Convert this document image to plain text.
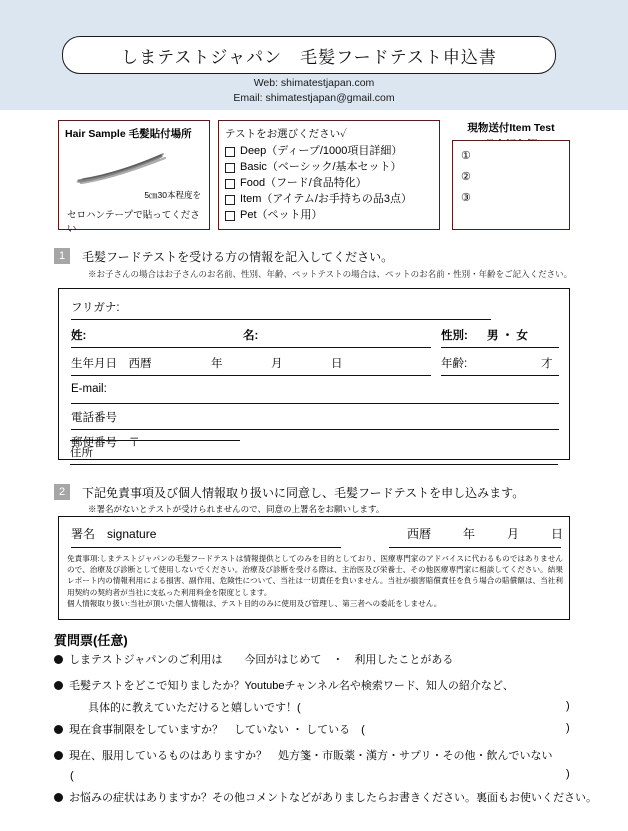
しまテストジャパン　毛髪フードテスト申込書
Web: shimatestjapan.com
Email: shimatestjapan@gmail.com
Hair Sample 毛髪貼付場所
5㎝30本程度を
セロハンテープで貼ってください
テストをお選びください✓
Deep（ディープ/1000項目詳細）
Basic（ベーシック/基本セット）
Food（フード/食品特化）
Item（アイテム/お手持ちの品3点）
Pet（ペット用）
現物送付Item Test
①
②
③
1	毛髪フードテストを受ける方の情報を記入してください。
※お子さんの場合はお子さんのお名前、性別、年齢、ペットテストの場合は、ペットのお名前・性別・年齢をご記入ください。
フリガナ:
姓:	名:	性別: 男 ・ 女
生年月日　西暦	年	月	日	年齢:	才
E-mail:
電話番号
郵便番号　〒
住所
2	下記免責事項及び個人情報取り扱いに同意し、毛髪フードテストを申し込みます。
※署名がないとテストが受けられませんので、同意の上署名をお願いします。
署名　signature	西暦	年	月	日
免責事項:しまテストジャパンの毛髪フードテストは情報提供としてのみを目的としており、医療専門家のアドバイスに代わるものではありませんので、治療及び診断として使用しないでください。治療及び診断を受ける際は、主治医及び栄養士、その他医療専門家に相談してください。結果レポート内の情報利用による損害、副作用、危険性について、当社は一切責任を負いません。当社が損害賠償責任を負う場合の賠償額は、当社利用契約の契約者が当社に支払った利用料金を限度とします。
個人情報取り扱い:当社が頂いた個人情報は、テスト目的のみに使用及び管理し、第三者への委託をしません。
質問票(任意)
しまテストジャパンのご利用は　　今回がはじめて　・　利用したことがある
毛髪テストをどこで知りましたか？Youtubeチャンネル名や検索ワード、知人の紹介など、
具体的に教えていただけると嬉しいです！(	)
現在食事制限をしていますか？　していない ・ している　(	)
現在、服用しているものはありますか？　処方箋・市販薬・漢方・サプリ・その他・飲んでいない
(	)
お悩みの症状はありますか？その他コメントなどがありましたらお書きください。裏面もお使いください。
